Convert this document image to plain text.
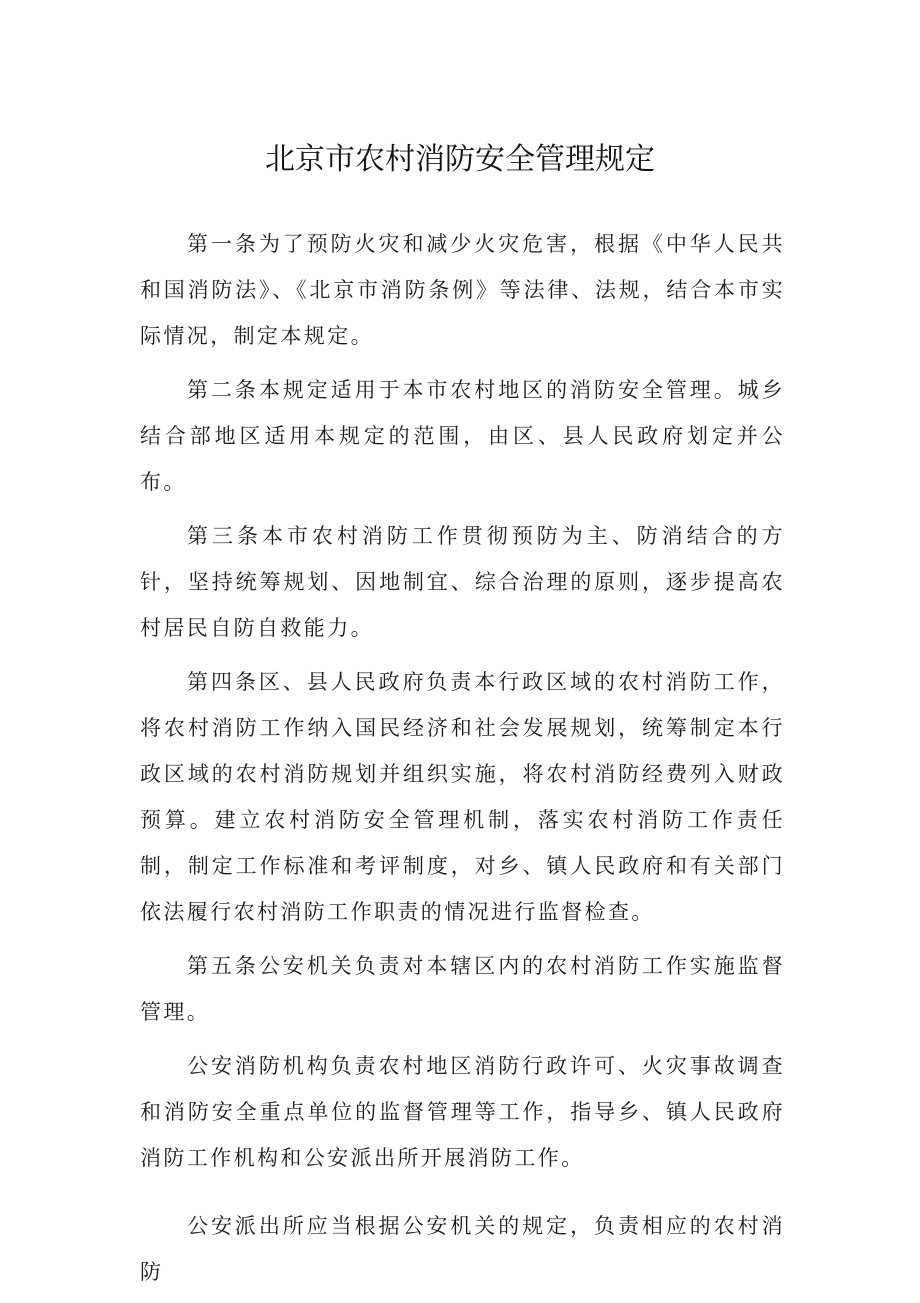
北京市农村消防安全管理规定

第一条为了预防火灾和减少火灾危害，根据《中华人民共和国消防法》、《北京市消防条例》等法律、法规，结合本市实际情况，制定本规定。

第二条本规定适用于本市农村地区的消防安全管理。城乡结合部地区适用本规定的范围，由区、县人民政府划定并公布。

第三条本市农村消防工作贯彻预防为主、防消结合的方针，坚持统筹规划、因地制宜、综合治理的原则，逐步提高农村居民自防自救能力。

第四条区、县人民政府负责本行政区域的农村消防工作，将农村消防工作纳入国民经济和社会发展规划，统筹制定本行政区域的农村消防规划并组织实施，将农村消防经费列入财政预算。建立农村消防安全管理机制，落实农村消防工作责任制，制定工作标准和考评制度，对乡、镇人民政府和有关部门依法履行农村消防工作职责的情况进行监督检查。

第五条公安机关负责对本辖区内的农村消防工作实施监督管理。

公安消防机构负责农村地区消防行政许可、火灾事故调查和消防安全重点单位的监督管理等工作，指导乡、镇人民政府消防工作机构和公安派出所开展消防工作。

公安派出所应当根据公安机关的规定，负责相应的农村消防
